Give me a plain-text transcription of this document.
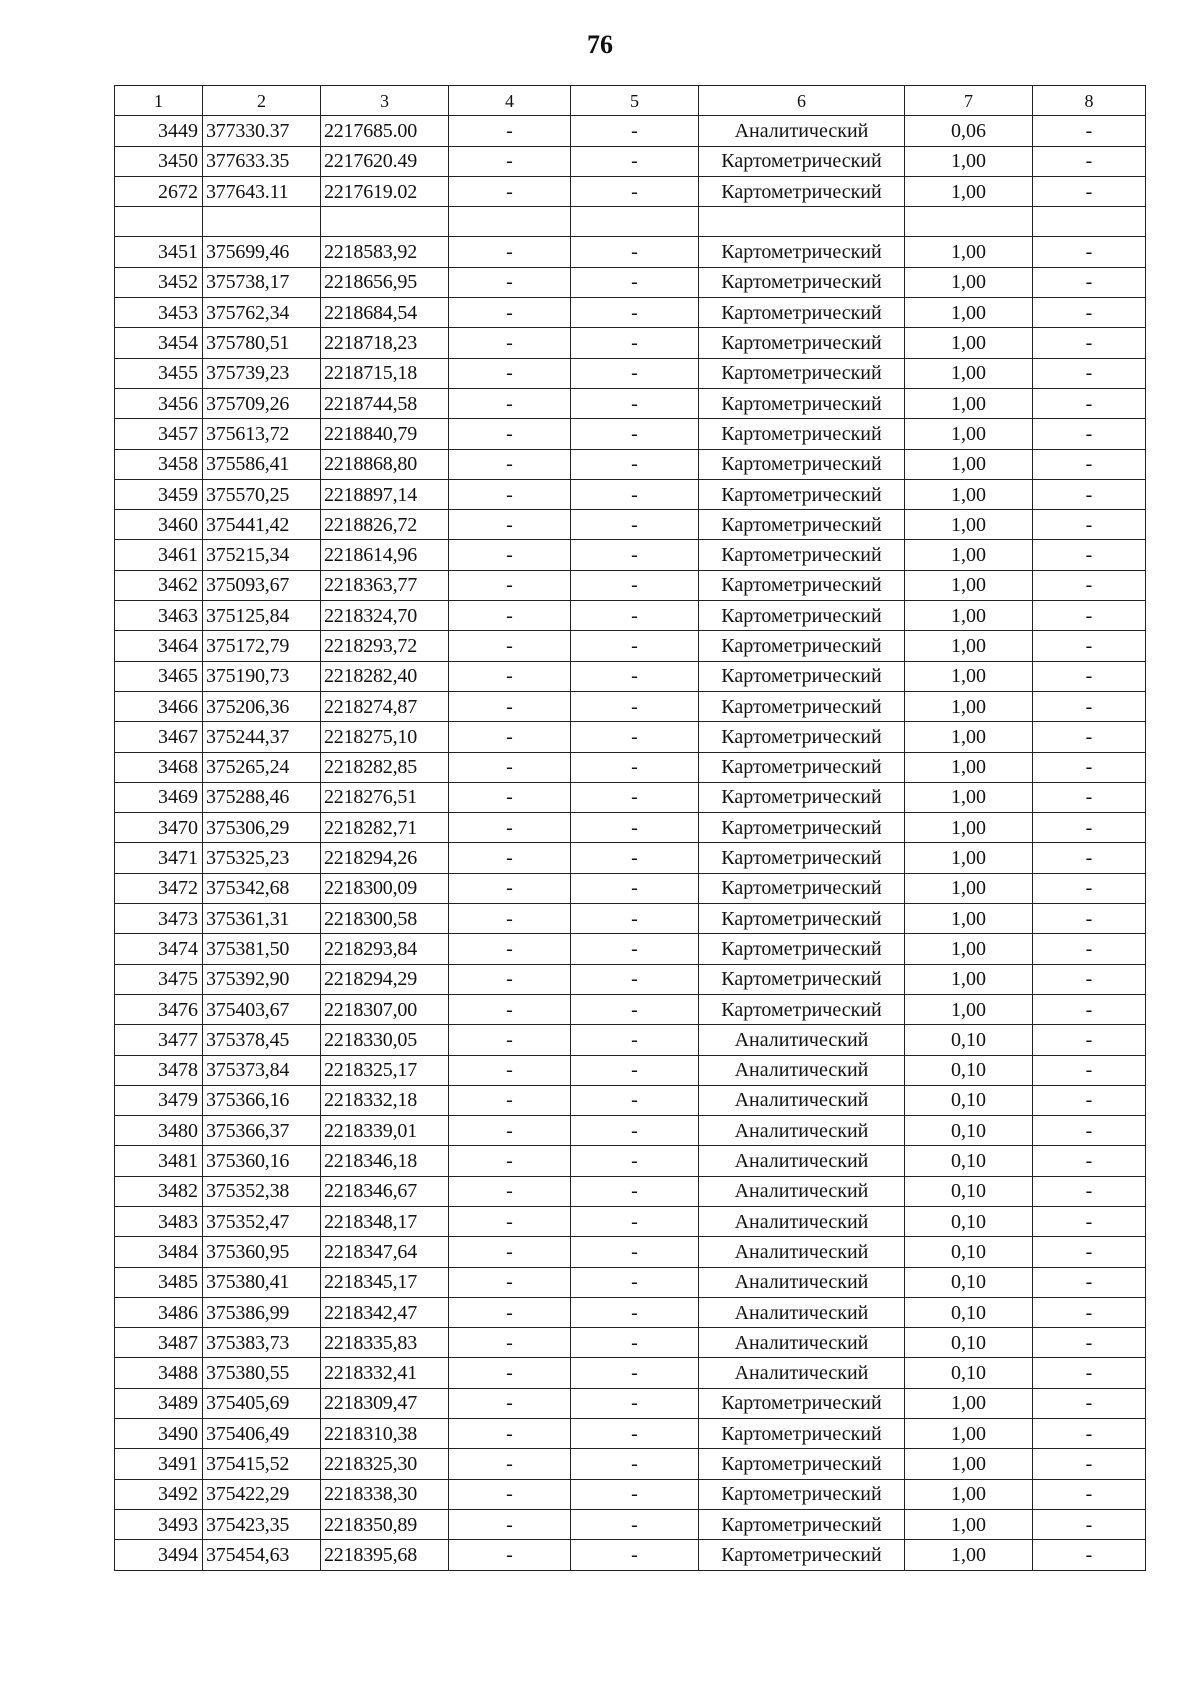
76
1	2	3	4	5	6	7	8
3449	377330.37	2217685.00	-	-	Аналитический	0,06	-
3450	377633.35	2217620.49	-	-	Картометрический	1,00	-
2672	377643.11	2217619.02	-	-	Картометрический	1,00	-

3451	375699,46	2218583,92	-	-	Картометрический	1,00	-
3452	375738,17	2218656,95	-	-	Картометрический	1,00	-
3453	375762,34	2218684,54	-	-	Картометрический	1,00	-
3454	375780,51	2218718,23	-	-	Картометрический	1,00	-
3455	375739,23	2218715,18	-	-	Картометрический	1,00	-
3456	375709,26	2218744,58	-	-	Картометрический	1,00	-
3457	375613,72	2218840,79	-	-	Картометрический	1,00	-
3458	375586,41	2218868,80	-	-	Картометрический	1,00	-
3459	375570,25	2218897,14	-	-	Картометрический	1,00	-
3460	375441,42	2218826,72	-	-	Картометрический	1,00	-
3461	375215,34	2218614,96	-	-	Картометрический	1,00	-
3462	375093,67	2218363,77	-	-	Картометрический	1,00	-
3463	375125,84	2218324,70	-	-	Картометрический	1,00	-
3464	375172,79	2218293,72	-	-	Картометрический	1,00	-
3465	375190,73	2218282,40	-	-	Картометрический	1,00	-
3466	375206,36	2218274,87	-	-	Картометрический	1,00	-
3467	375244,37	2218275,10	-	-	Картометрический	1,00	-
3468	375265,24	2218282,85	-	-	Картометрический	1,00	-
3469	375288,46	2218276,51	-	-	Картометрический	1,00	-
3470	375306,29	2218282,71	-	-	Картометрический	1,00	-
3471	375325,23	2218294,26	-	-	Картометрический	1,00	-
3472	375342,68	2218300,09	-	-	Картометрический	1,00	-
3473	375361,31	2218300,58	-	-	Картометрический	1,00	-
3474	375381,50	2218293,84	-	-	Картометрический	1,00	-
3475	375392,90	2218294,29	-	-	Картометрический	1,00	-
3476	375403,67	2218307,00	-	-	Картометрический	1,00	-
3477	375378,45	2218330,05	-	-	Аналитический	0,10	-
3478	375373,84	2218325,17	-	-	Аналитический	0,10	-
3479	375366,16	2218332,18	-	-	Аналитический	0,10	-
3480	375366,37	2218339,01	-	-	Аналитический	0,10	-
3481	375360,16	2218346,18	-	-	Аналитический	0,10	-
3482	375352,38	2218346,67	-	-	Аналитический	0,10	-
3483	375352,47	2218348,17	-	-	Аналитический	0,10	-
3484	375360,95	2218347,64	-	-	Аналитический	0,10	-
3485	375380,41	2218345,17	-	-	Аналитический	0,10	-
3486	375386,99	2218342,47	-	-	Аналитический	0,10	-
3487	375383,73	2218335,83	-	-	Аналитический	0,10	-
3488	375380,55	2218332,41	-	-	Аналитический	0,10	-
3489	375405,69	2218309,47	-	-	Картометрический	1,00	-
3490	375406,49	2218310,38	-	-	Картометрический	1,00	-
3491	375415,52	2218325,30	-	-	Картометрический	1,00	-
3492	375422,29	2218338,30	-	-	Картометрический	1,00	-
3493	375423,35	2218350,89	-	-	Картометрический	1,00	-
3494	375454,63	2218395,68	-	-	Картометрический	1,00	-
